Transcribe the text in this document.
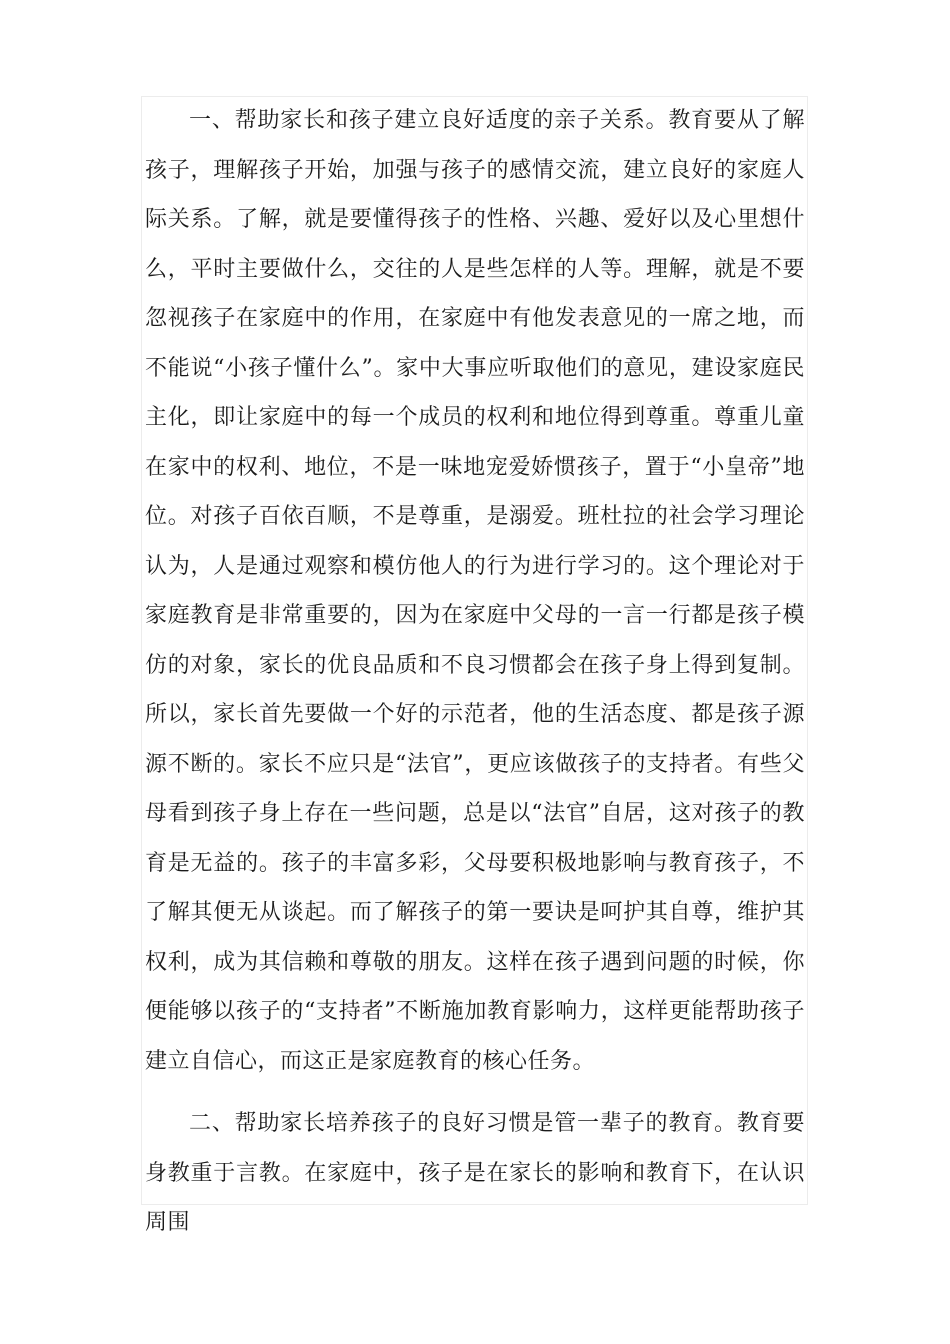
一、帮助家长和孩子建立良好适度的亲子关系。教育要从了解孩子，理解孩子开始，加强与孩子的感情交流，建立良好的家庭人际关系。了解，就是要懂得孩子的性格、兴趣、爱好以及心里想什么，平时主要做什么，交往的人是些怎样的人等。理解，就是不要忽视孩子在家庭中的作用，在家庭中有他发表意见的一席之地，而不能说“小孩子懂什么”。家中大事应听取他们的意见，建设家庭民主化，即让家庭中的每一个成员的权利和地位得到尊重。尊重儿童在家中的权利、地位，不是一味地宠爱娇惯孩子，置于“小皇帝”地位。对孩子百依百顺，不是尊重，是溺爱。班杜拉的社会学习理论认为，人是通过观察和模仿他人的行为进行学习的。这个理论对于家庭教育是非常重要的，因为在家庭中父母的一言一行都是孩子模仿的对象，家长的优良品质和不良习惯都会在孩子身上得到复制。所以，家长首先要做一个好的示范者，他的生活态度、都是孩子源源不断的。家长不应只是“法官”，更应该做孩子的支持者。有些父母看到孩子身上存在一些问题，总是以“法官”自居，这对孩子的教育是无益的。孩子的丰富多彩，父母要积极地影响与教育孩子，不了解其便无从谈起。而了解孩子的第一要诀是呵护其自尊，维护其权利，成为其信赖和尊敬的朋友。这样在孩子遇到问题的时候，你便能够以孩子的“支持者”不断施加教育影响力，这样更能帮助孩子建立自信心，而这正是家庭教育的核心任务。

二、帮助家长培养孩子的良好习惯是管一辈子的教育。教育要身教重于言教。在家庭中，孩子是在家长的影响和教育下，在认识周围
